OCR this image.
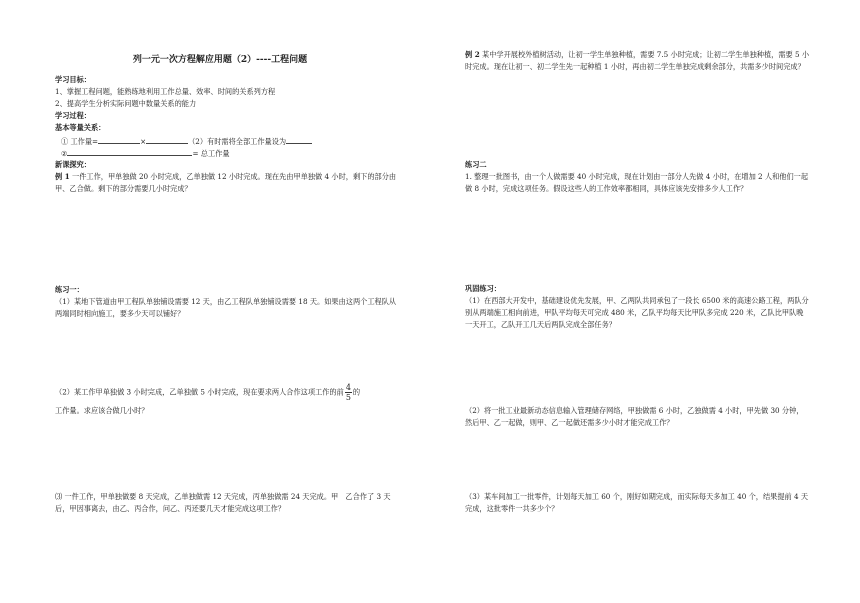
列一元一次方程解应用题（2）----工程问题
学习目标：
1、掌握工程问题，能熟练地利用工作总量、效率、时间的关系列方程
2、提高学生分析实际问题中数量关系的能力
学习过程：
基本等量关系：
① 工作量=	×	（2）有时需将全部工作量设为
②	= 总工作量
新课探究：
例 1 一件工作，甲单独做 20 小时完成，乙单独做 12 小时完成。现在先由甲单独做 4 小时，剩下的部分由甲、乙合做。剩下的部分需要几小时完成？
练习一：
（1）某地下管道由甲工程队单独铺设需要 12 天，由乙工程队单独铺设需要 18 天。如果由这两个工程队从两端同时相向施工，要多少天可以铺好？
（2）某工作甲单独做 3 小时完成，乙单独做 5 小时完成，现在要求两人合作这项工作的前 $\frac{4}{5}$ 的
工作量。求应该合做几小时？
⑶ 一件工作，甲单独做要 8 天完成，乙单独做需 12 天完成，丙单独做需 24 天完成。甲　乙合作了 3 天后，甲因事离去，由乙、丙合作，问乙、丙还要几天才能完成这项工作？
例 2 某中学开展校外植树活动，让初一学生单独种植，需要 7.5 小时完成；让初二学生单独种植，需要 5 小时完成。现在让初一、初二学生先一起种植 1 小时，再由初二学生单独完成剩余部分，共需多少时间完成？
练习二
1. 整理一批图书，由一个人做需要 40 小时完成，现在计划由一部分人先做 4 小时，在增加 2 人和他们一起做 8 小时，完成这项任务。假设这些人的工作效率都相同，具体应该先安排多少人工作？
巩固练习：
（1）在西部大开发中，基础建设优先发展，甲、乙两队共同承包了一段长 6500 米的高速公路工程，两队分别从两端施工相向前进，甲队平均每天可完成 480 米，乙队平均每天比甲队多完成 220 米，乙队比甲队晚一天开工，乙队开工几天后两队完成全部任务？
（2）将一批工业最新动态信息输入管理储存网络，甲独做需 6 小时，乙独做需 4 小时，甲先做 30 分钟，然后甲、乙一起做，则甲、乙一起做还需多少小时才能完成工作？
（3）某车间加工一批零件，计划每天加工 60 个，刚好如期完成，而实际每天多加工 40 个，结果提前 4 天完成，这批零件一共多少个？
